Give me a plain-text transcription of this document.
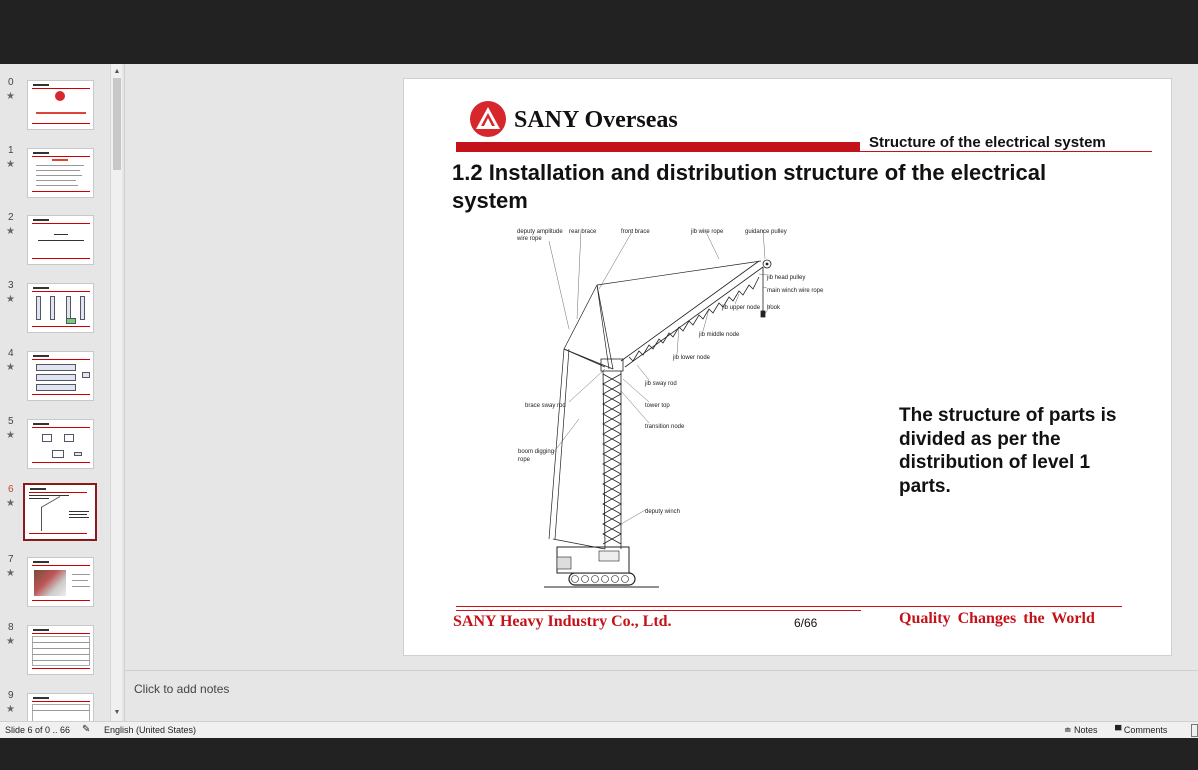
0
★
1
★
2
★
3
★
4
★
5
★
6
★
7
★
8
★
9
★
▲
▼
SANY Overseas
Structure of the electrical system
1.2 Installation and distribution structure of the electrical system
deputy amplitude
wire rope
rear brace	front brace	jib wire rope	guidance pulley
jib head pulley
main winch wire rope
jib upper node hook
jib middle node
jib lower node
jib sway rod
brace sway rod	tower top
transition node
boom digging
rope
deputy winch
The structure of parts is divided as per the distribution of level 1 parts.
SANY Heavy Industry Co., Ltd.	6/66	Quality Changes the World
Click to add notes
Slide 6 of 0 .. 66 ✎ English (United States)	≐ Notes ▀ Comments
